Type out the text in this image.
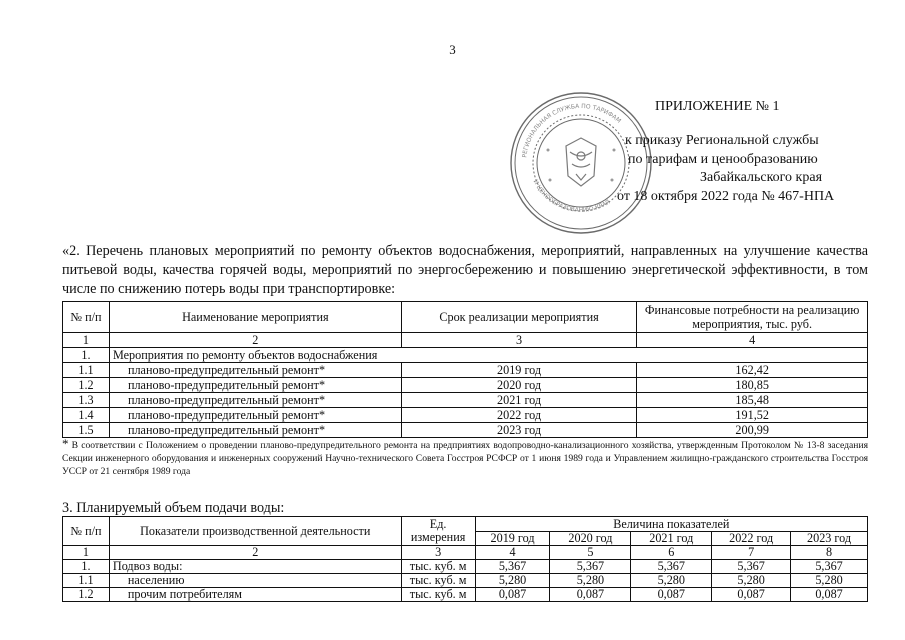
3
РЕГИОНАЛЬНАЯ СЛУЖБА ПО ТАРИФАМ
И ЦЕНООБРАЗОВАНИЮ КРАЯ
ПРИЛОЖЕНИЕ № 1
к приказу Региональной службы
по тарифам и ценообразованию
Забайкальского края
от 18 октября 2022 года № 467-НПА
«2. Перечень плановых мероприятий по ремонту объектов водоснабжения, мероприятий, направленных на улучшение качества питьевой воды, качества горячей воды, мероприятий по энергосбережению и повышению энергетической эффективности, в том числе по снижению потерь воды при транспортировке:
№ п/п	Наименование мероприятия	Срок реализации мероприятия	Финансовые потребности на реализацию мероприятия, тыс. руб.
1	2	3	4
1.	Мероприятия по ремонту объектов водоснабжения		
1.1	планово-предупредительный ремонт*	2019 год	162,42
1.2	планово-предупредительный ремонт*	2020 год	180,85
1.3	планово-предупредительный ремонт*	2021 год	185,48
1.4	планово-предупредительный ремонт*	2022 год	191,52
1.5	планово-предупредительный ремонт*	2023 год	200,99
* В соответствии с Положением о проведении планово-предупредительного ремонта на предприятиях водопроводно-канализационного хозяйства, утвержденным Протоколом № 13-8 заседания Секции инженерного оборудования и инженерных сооружений Научно-технического Совета Госстроя РСФСР от 1 июня 1989 года и Управлением жилищно-гражданского строительства Госстроя УССР от 21 сентября 1989 года
3. Планируемый объем подачи воды:
№ п/п	Показатели производственной деятельности	Ед. измерения	Величина показателей				
			2019 год	2020 год	2021 год	2022 год	2023 год
1	2	3	4	5	6	7	8
1.	Подвоз воды:	тыс. куб. м	5,367	5,367	5,367	5,367	5,367
1.1	населению	тыс. куб. м	5,280	5,280	5,280	5,280	5,280
1.2	прочим потребителям	тыс. куб. м	0,087	0,087	0,087	0,087	0,087
